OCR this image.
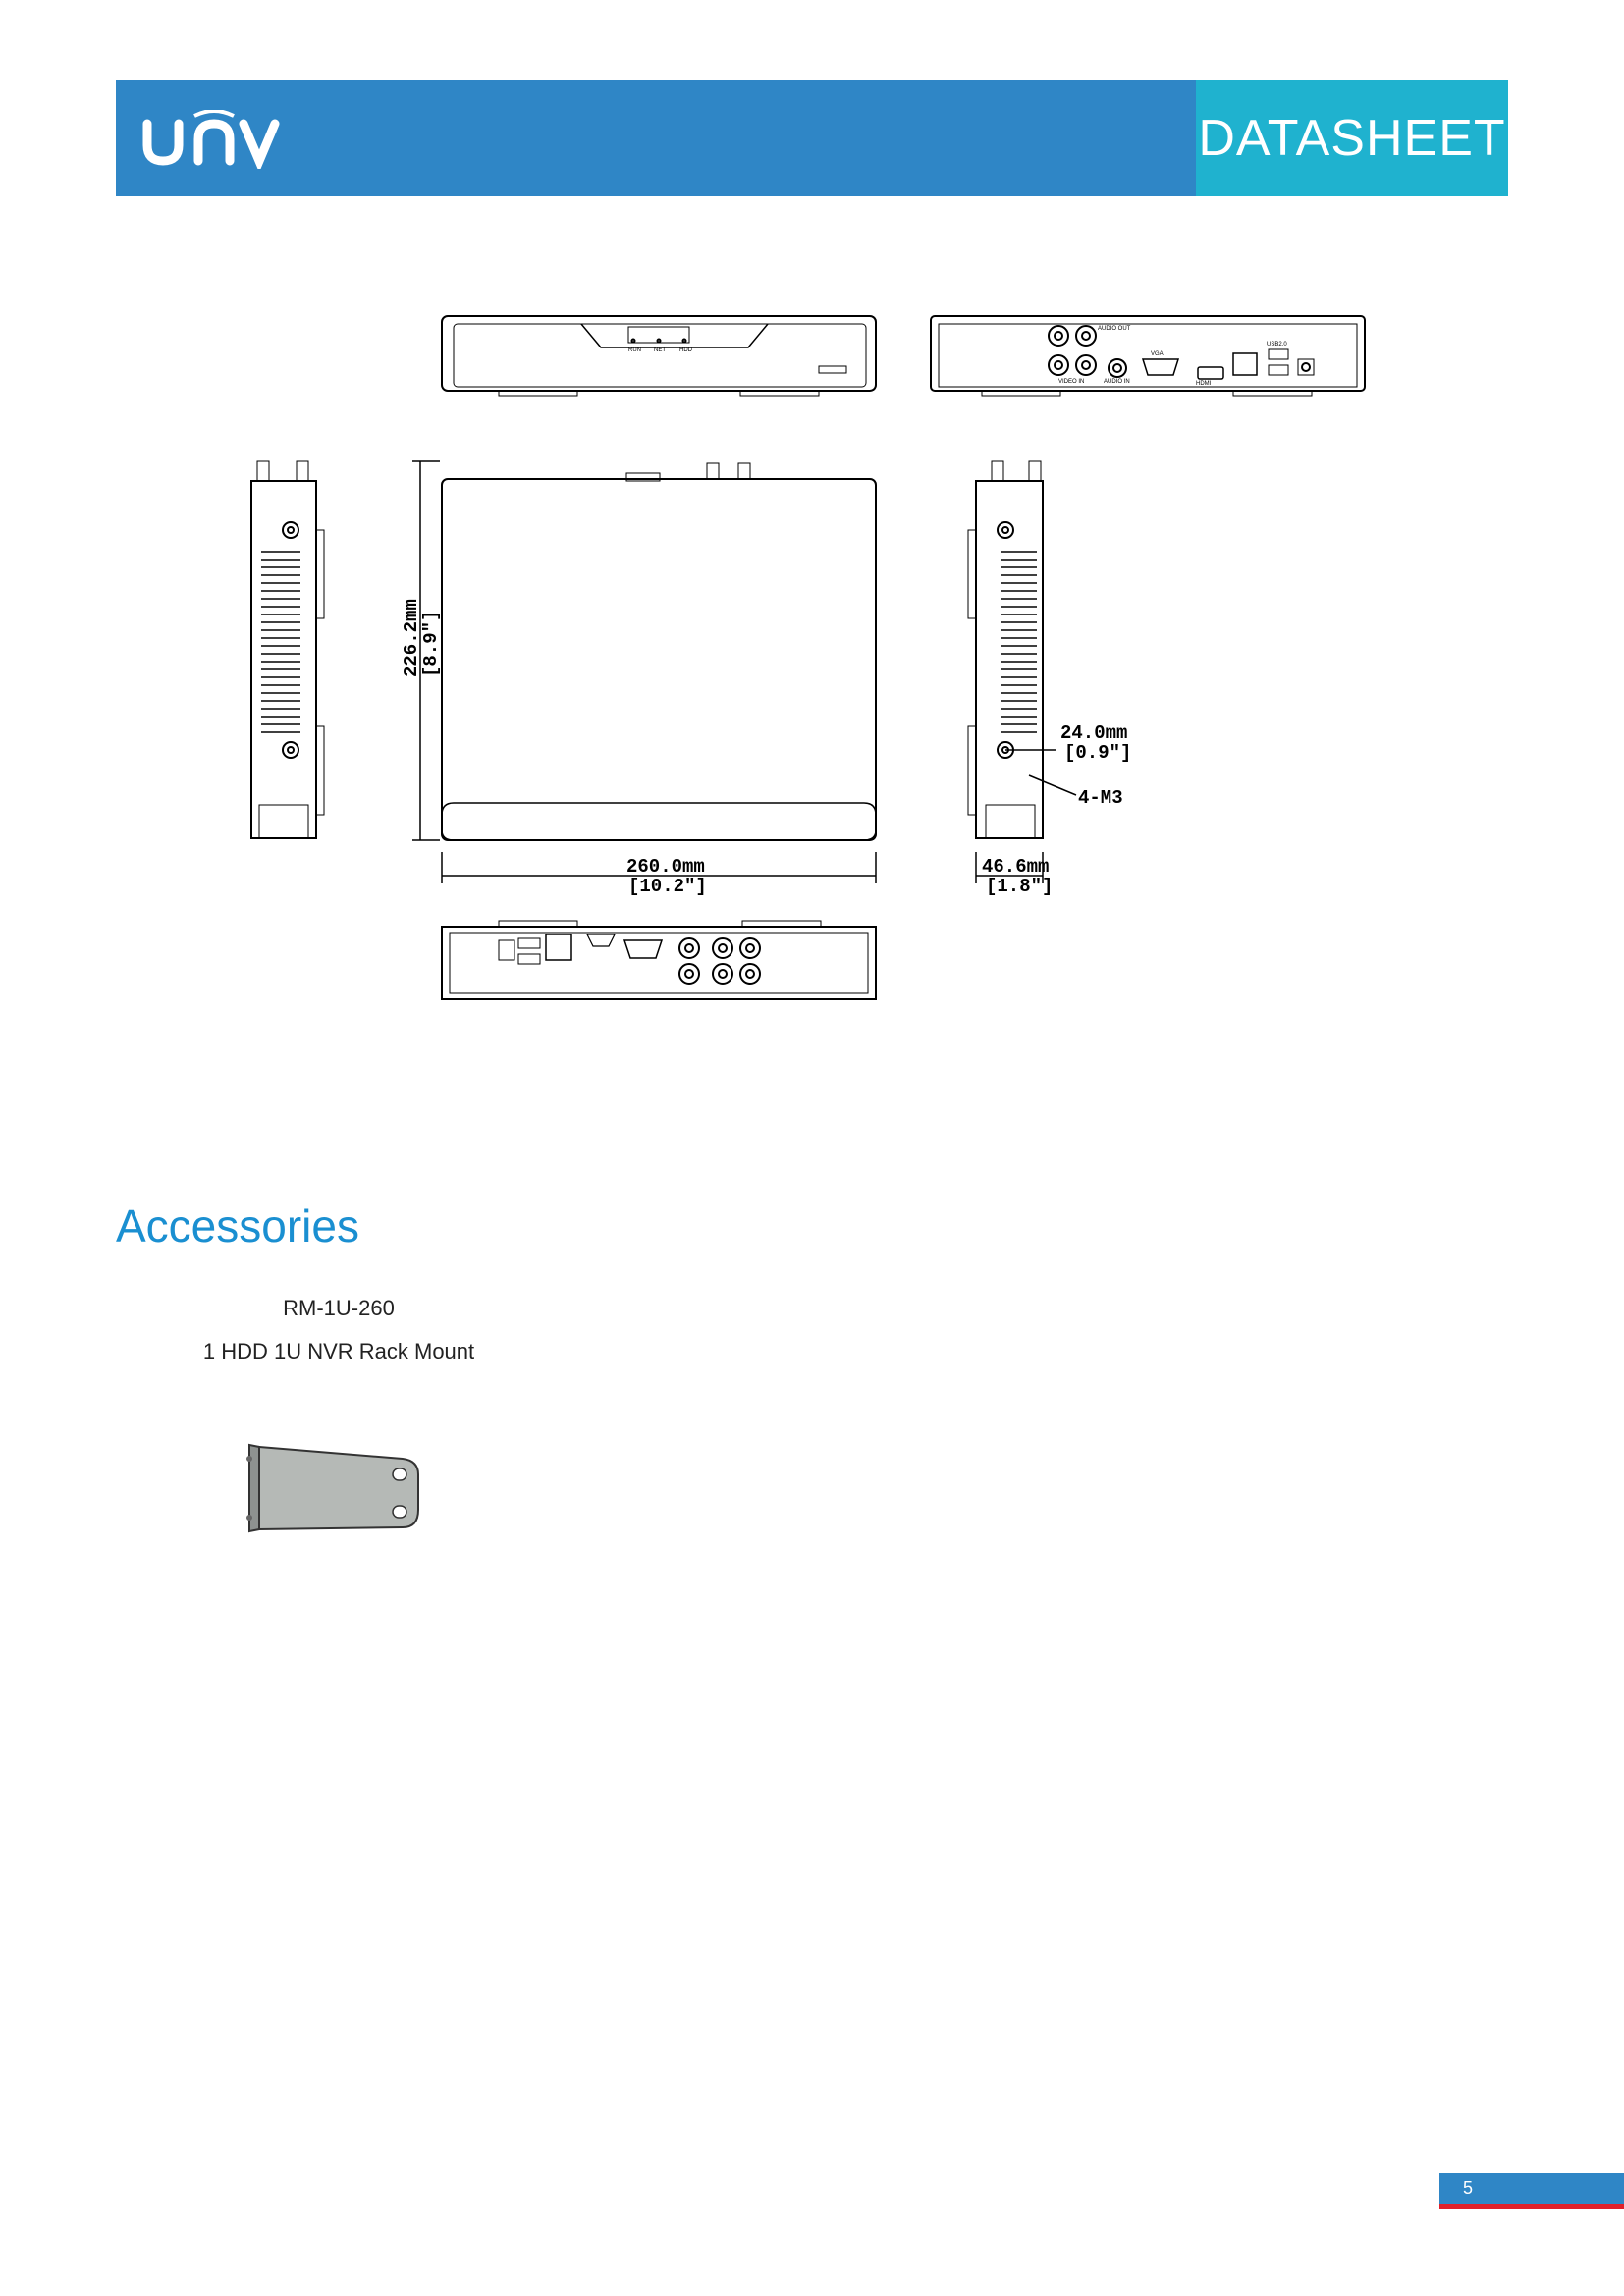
DATASHEET
RUN NET HDD
AUDIO OUT
VIDEO IN	AUDIO IN
VGA
HDMI
USB2.0
226.2mm
[8.9"]
260.0mm
[10.2"]
46.6mm
[1.8"]
24.0mm
[0.9"]
4-M3
Accessories
RM-1U-260
1 HDD 1U NVR Rack Mount
5
